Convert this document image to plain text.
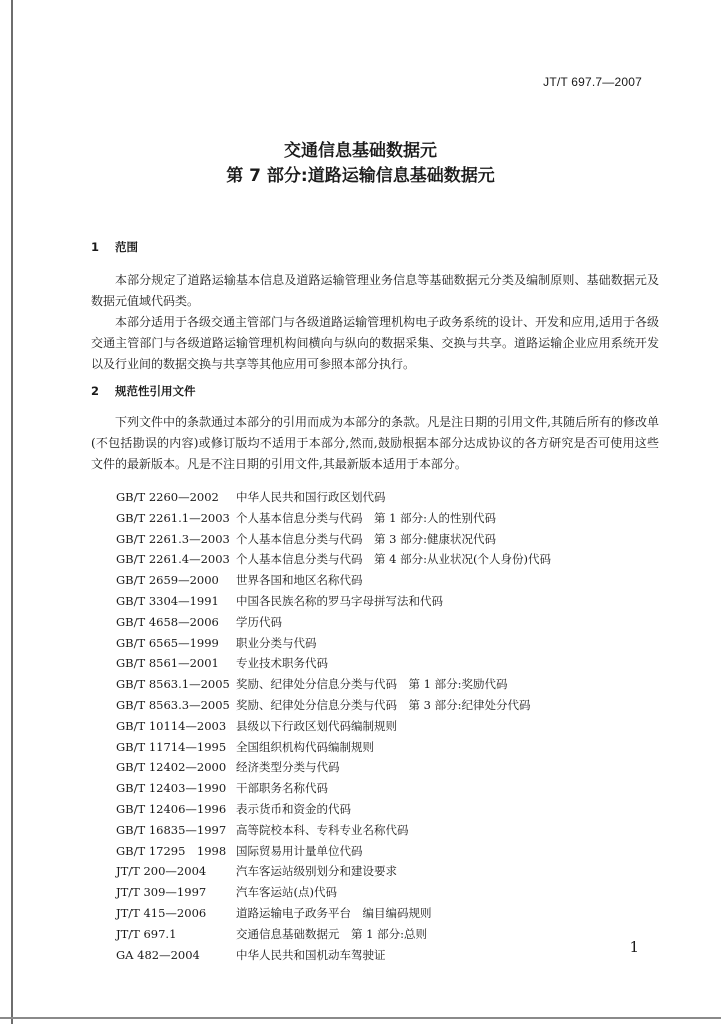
JT/T 697.7—2007
交通信息基础数据元
第 7 部分:道路运输信息基础数据元
1 范围

本部分规定了道路运输基本信息及道路运输管理业务信息等基础数据元分类及编制原则、基础数据元及数据元值域代码类。

本部分适用于各级交通主管部门与各级道路运输管理机构电子政务系统的设计、开发和应用,适用于各级交通主管部门与各级道路运输管理机构间横向与纵向的数据采集、交换与共享。道路运输企业应用系统开发以及行业间的数据交换与共享等其他应用可参照本部分执行。

2 规范性引用文件

下列文件中的条款通过本部分的引用而成为本部分的条款。凡是注日期的引用文件,其随后所有的修改单(不包括勘误的内容)或修订版均不适用于本部分,然而,鼓励根据本部分达成协议的各方研究是否可使用这些文件的最新版本。凡是不注日期的引用文件,其最新版本适用于本部分。

GB/T 2260—2002 中华人民共和国行政区划代码
GB/T 2261.1—2003 个人基本信息分类与代码　第 1 部分:人的性别代码
GB/T 2261.3—2003 个人基本信息分类与代码　第 3 部分:健康状况代码
GB/T 2261.4—2003 个人基本信息分类与代码　第 4 部分:从业状况(个人身份)代码
GB/T 2659—2000 世界各国和地区名称代码
GB/T 3304—1991 中国各民族名称的罗马字母拼写法和代码
GB/T 4658—2006 学历代码
GB/T 6565—1999 职业分类与代码
GB/T 8561—2001 专业技术职务代码
GB/T 8563.1—2005 奖励、纪律处分信息分类与代码　第 1 部分:奖励代码
GB/T 8563.3—2005 奖励、纪律处分信息分类与代码　第 3 部分:纪律处分代码
GB/T 10114—2003 县级以下行政区划代码编制规则
GB/T 11714—1995 全国组织机构代码编制规则
GB/T 12402—2000 经济类型分类与代码
GB/T 12403—1990 干部职务名称代码
GB/T 12406—1996 表示货币和资金的代码
GB/T 16835—1997 高等院校本科、专科专业名称代码
GB/T 17295　1998 国际贸易用计量单位代码
JT/T 200—2004	汽车客运站级别划分和建设要求
JT/T 309—1997	汽车客运站(点)代码
JT/T 415—2006	道路运输电子政务平台　编目编码规则
JT/T 697.1	交通信息基础数据元　第 1 部分:总则
GA 482—2004	中华人民共和国机动车驾驶证	1
